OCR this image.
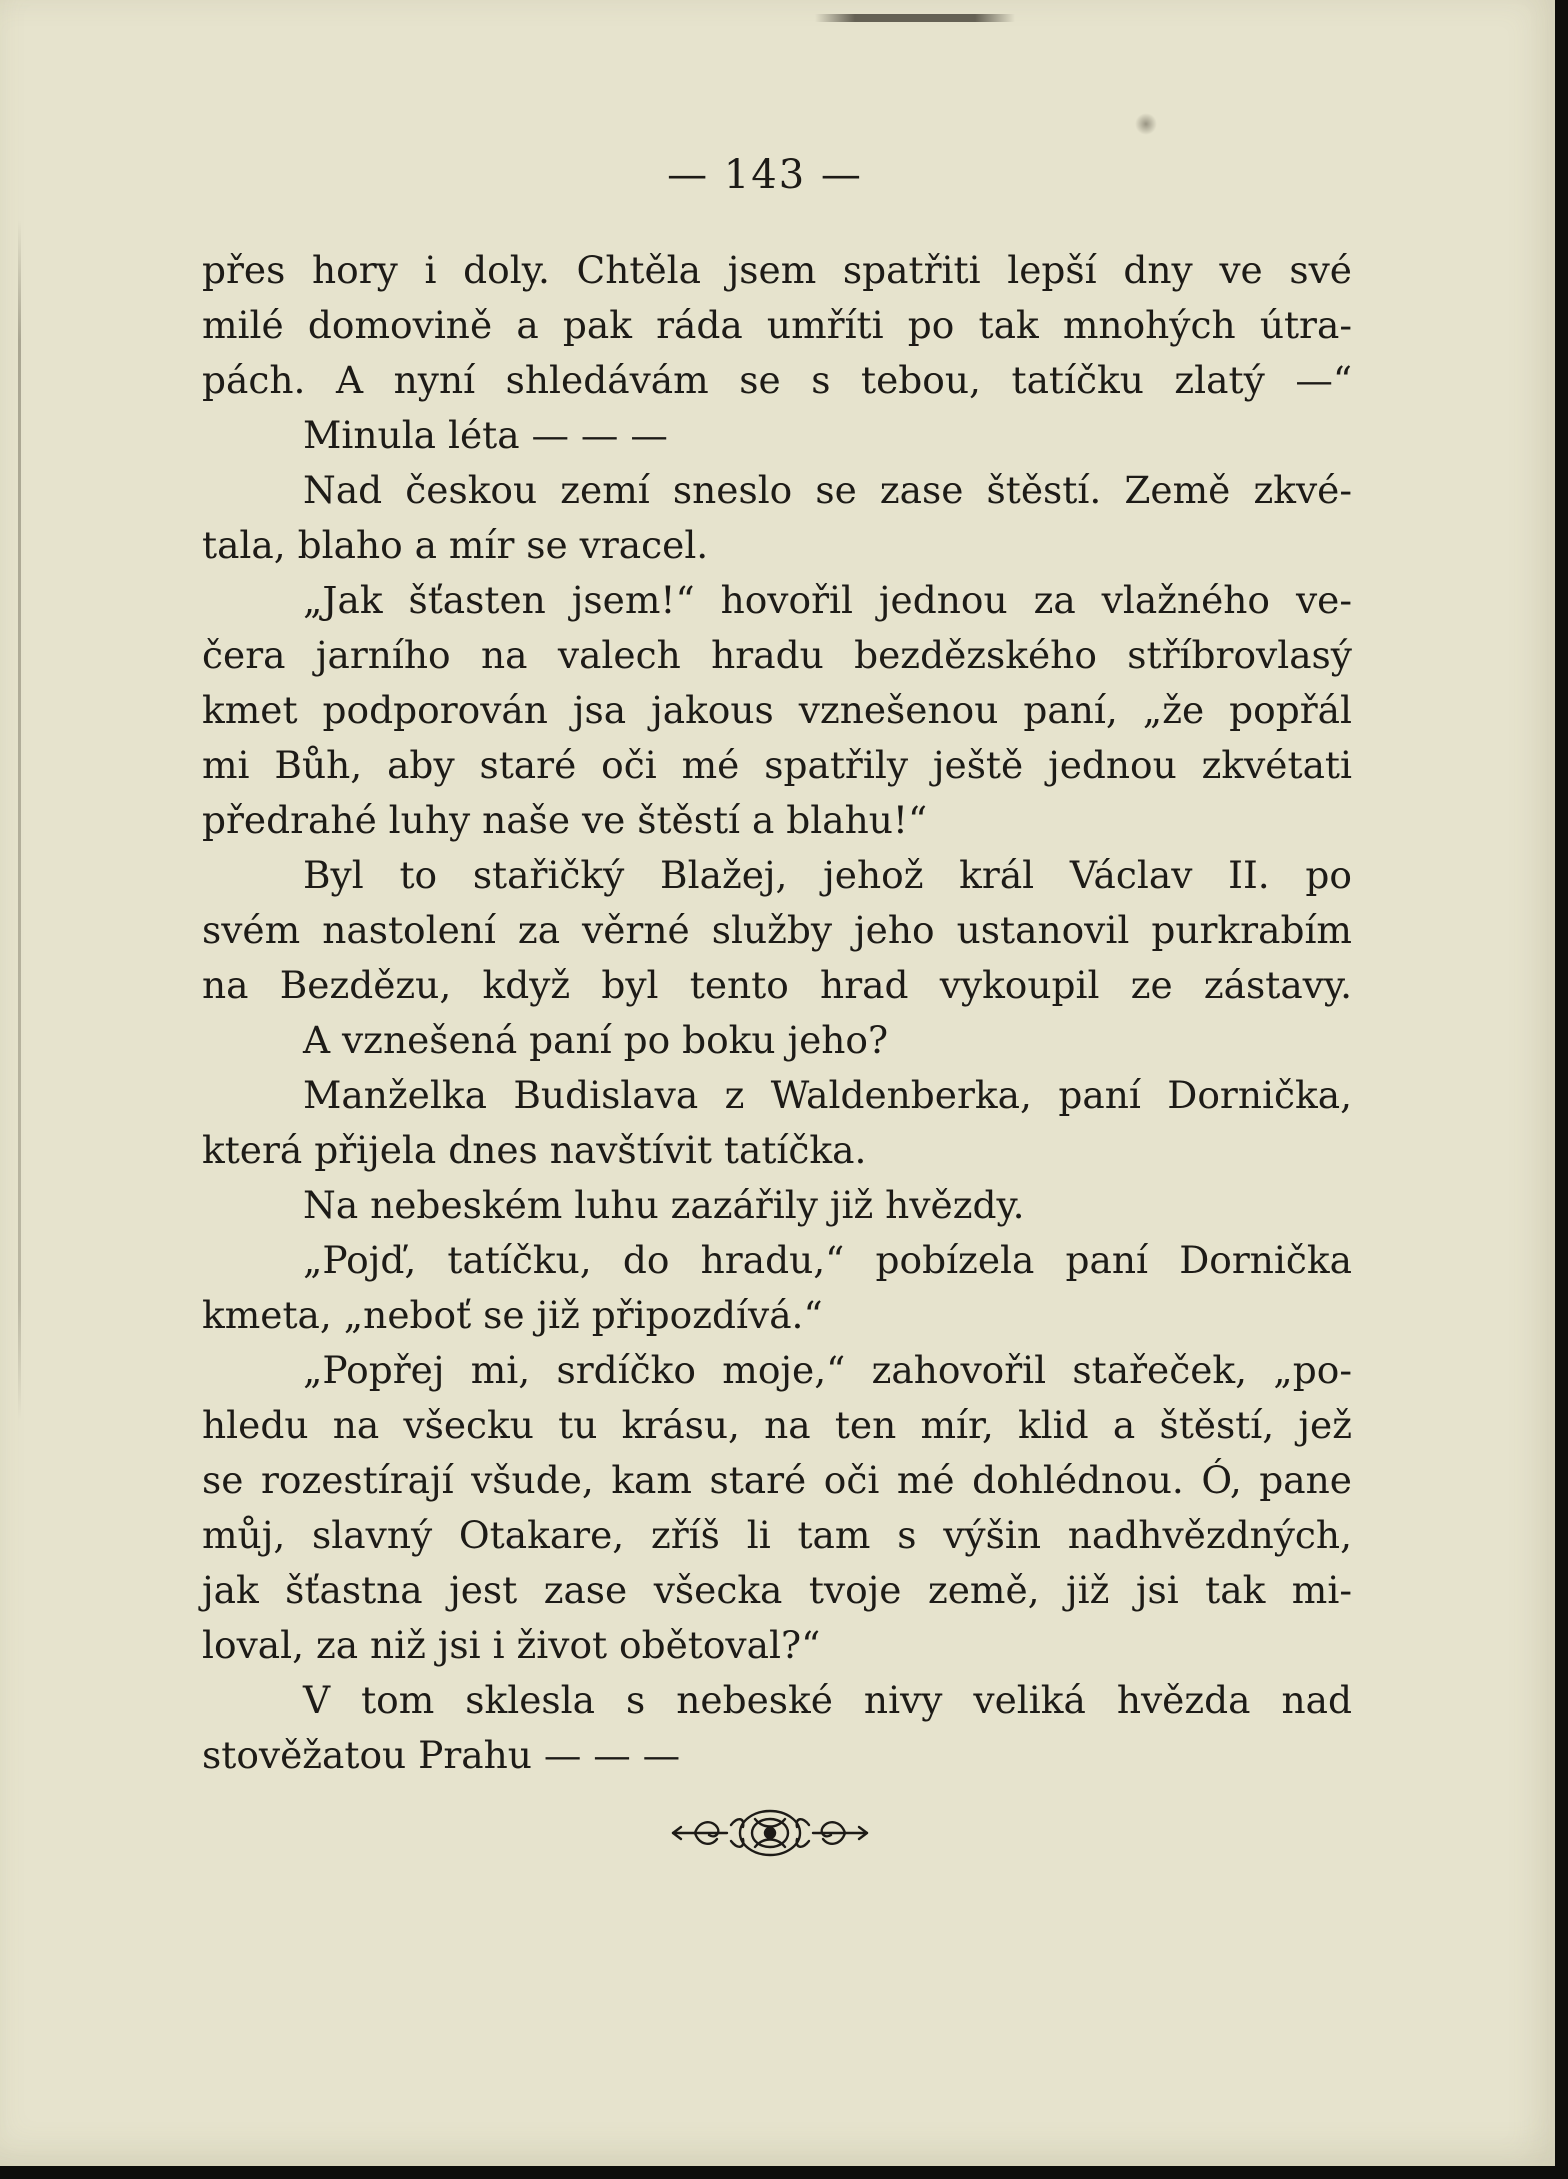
— 143 —
přes hory i doly. Chtěla jsem spatřiti lepší dny ve své
milé domovině a pak ráda umříti po tak mnohých útra-
pách. A nyní shledávám se s tebou, tatíčku zlatý —“
Minula léta — — —
Nad českou zemí sneslo se zase štěstí. Země zkvé-
tala, blaho a mír se vracel.
„Jak šťasten jsem!“ hovořil jednou za vlažného ve-
čera jarního na valech hradu bezdězského stříbrovlasý
kmet podporován jsa jakous vznešenou paní, „že popřál
mi Bůh, aby staré oči mé spatřily ještě jednou zkvétati
předrahé luhy naše ve štěstí a blahu!“
Byl to stařičký Blažej, jehož král Václav II. po
svém nastolení za věrné služby jeho ustanovil purkrabím
na Bezdězu, když byl tento hrad vykoupil ze zástavy.
A vznešená paní po boku jeho?
Manželka Budislava z Waldenberka, paní Dornička,
která přijela dnes navštívit tatíčka.
Na nebeském luhu zazářily již hvězdy.
„Pojď, tatíčku, do hradu,“ pobízela paní Dornička
kmeta, „neboť se již připozdívá.“
„Popřej mi, srdíčko moje,“ zahovořil stařeček, „po-
hledu na všecku tu krásu, na ten mír, klid a štěstí, jež
se rozestírají všude, kam staré oči mé dohlédnou. Ó, pane
můj, slavný Otakare, zříš li tam s výšin nadhvězdných,
jak šťastna jest zase všecka tvoje země, již jsi tak mi-
loval, za niž jsi i život obětoval?“
V tom sklesla s nebeské nivy veliká hvězda nad
stověžatou Prahu — — —
